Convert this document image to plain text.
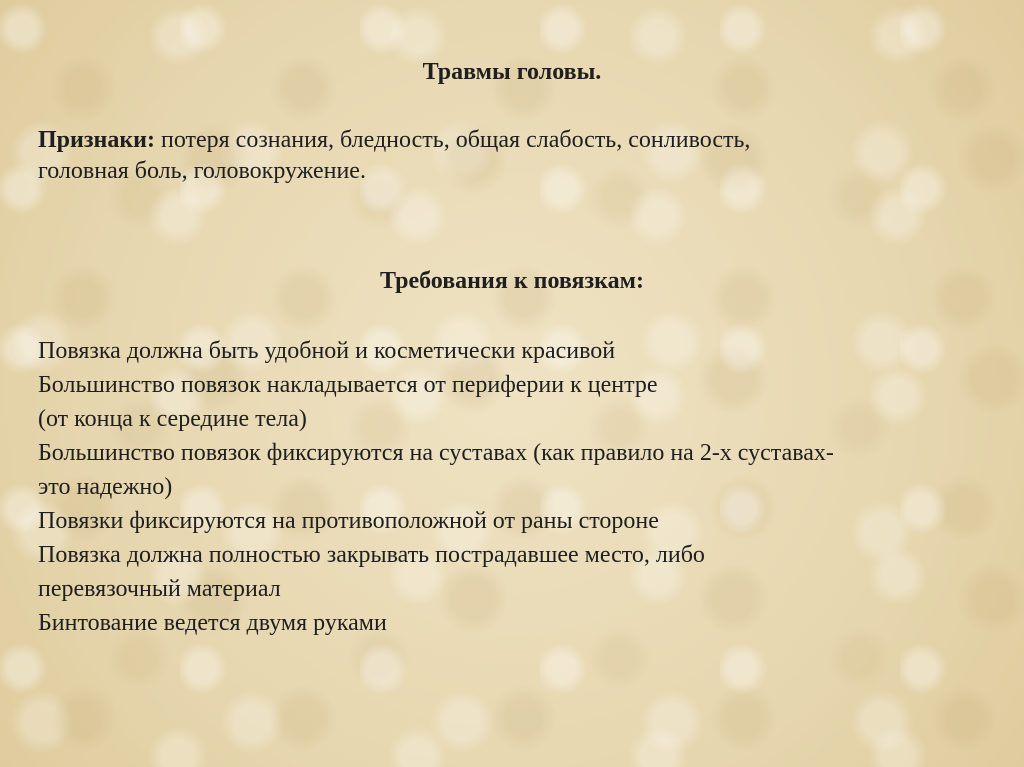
Травмы головы.
Признаки: потеря сознания, бледность, общая слабость, сонливость,
головная боль, головокружение.
Требования к повязкам:
Повязка должна быть удобной и косметически красивой
Большинство повязок накладывается от периферии к центре
(от конца к середине тела)
Большинство повязок фиксируются на суставах (как правило на 2-х суставах-
это надежно)
Повязки фиксируются на противоположной от раны стороне
Повязка должна полностью закрывать пострадавшее место, либо
перевязочный материал
Бинтование ведется двумя руками
